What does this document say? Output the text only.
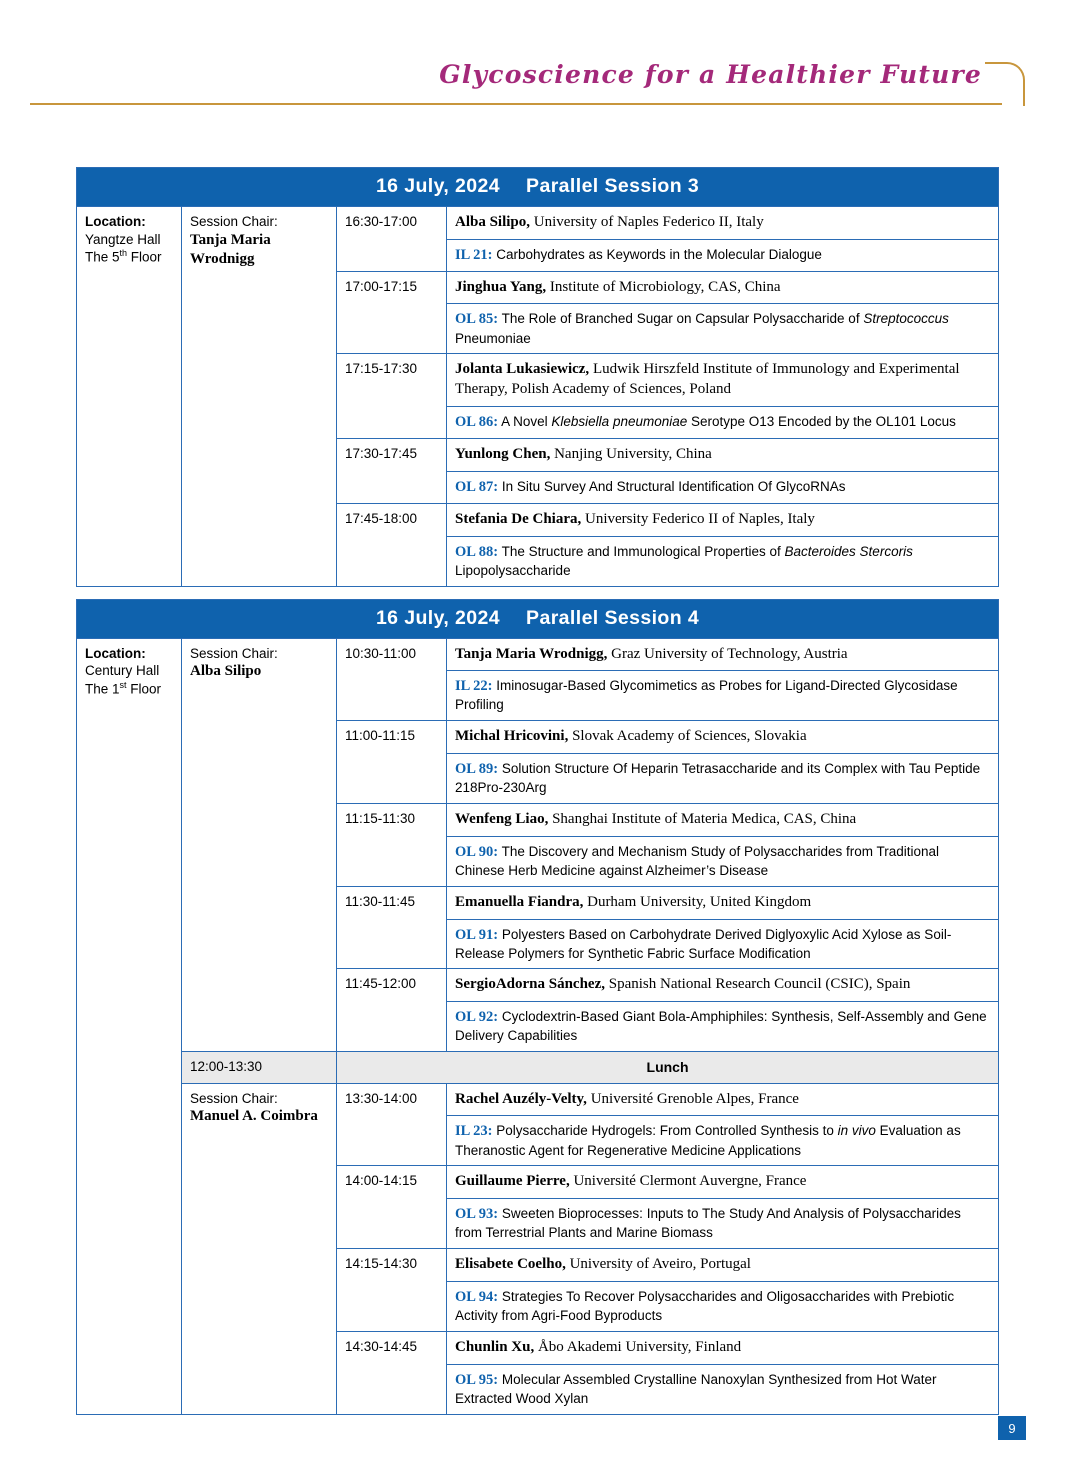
Glycoscience for a Healthier Future
16 July, 2024 Parallel Session 3			

Location:
Yangtze Hall
The 5th Floor	Session Chair:
Tanja Maria
Wrodnigg	16:30-17:00	Alba Silipo, University of Naples Federico II, Italy
			IL 21: Carbohydrates as Keywords in the Molecular Dialogue
		17:00-17:15	Jinghua Yang, Institute of Microbiology, CAS, China
			OL 85: The Role of Branched Sugar on Capsular Polysaccharide of Streptococcus Pneumoniae
		17:15-17:30	Jolanta Lukasiewicz, Ludwik Hirszfeld Institute of Immunology and Experimental Therapy, Polish Academy of Sciences, Poland
			OL 86: A Novel Klebsiella pneumoniae Serotype O13 Encoded by the OL101 Locus
		17:30-17:45	Yunlong Chen, Nanjing University, China
			OL 87: In Situ Survey And Structural Identification Of GlycoRNAs
		17:45-18:00	Stefania De Chiara, University Federico II of Naples, Italy
			OL 88: The Structure and Immunological Properties of Bacteroides Stercoris Lipopolysaccharide

16 July, 2024 Parallel Session 4			

Location:
Century Hall
The 1st Floor	Session Chair:
Alba Silipo	10:30-11:00	Tanja Maria Wrodnigg, Graz University of Technology, Austria
			IL 22: Iminosugar-Based Glycomimetics as Probes for Ligand-Directed Glycosidase Profiling
		11:00-11:15	Michal Hricovini, Slovak Academy of Sciences, Slovakia
			OL 89: Solution Structure Of Heparin Tetrasaccharide and its Complex with Tau Peptide 218Pro-230Arg
		11:15-11:30	Wenfeng Liao, Shanghai Institute of Materia Medica, CAS, China
			OL 90: The Discovery and Mechanism Study of Polysaccharides from Traditional Chinese Herb Medicine against Alzheimer’s Disease
		11:30-11:45	Emanuella Fiandra, Durham University, United Kingdom
			OL 91: Polyesters Based on Carbohydrate Derived Diglyoxylic Acid Xylose as Soil-Release Polymers for Synthetic Fabric Surface Modification
		11:45-12:00	SergioAdorna Sánchez, Spanish National Research Council (CSIC), Spain
			OL 92: Cyclodextrin-Based Giant Bola-Amphiphiles: Synthesis, Self-Assembly and Gene Delivery Capabilities
	12:00-13:30	Lunch	

	Session Chair:
Manuel A. Coimbra	13:30-14:00	Rachel Auzély-Velty, Université Grenoble Alpes, France
			IL 23: Polysaccharide Hydrogels: From Controlled Synthesis to in vivo Evaluation as Theranostic Agent for Regenerative Medicine Applications
		14:00-14:15	Guillaume Pierre, Université Clermont Auvergne, France
			OL 93: Sweeten Bioprocesses: Inputs to The Study And Analysis of Polysaccharides from Terrestrial Plants and Marine Biomass
		14:15-14:30	Elisabete Coelho, University of Aveiro, Portugal
			OL 94: Strategies To Recover Polysaccharides and Oligosaccharides with Prebiotic Activity from Agri-Food Byproducts
		14:30-14:45	Chunlin Xu, Åbo Akademi University, Finland
			OL 95: Molecular Assembled Crystalline Nanoxylan Synthesized from Hot Water Extracted Wood Xylan
9
